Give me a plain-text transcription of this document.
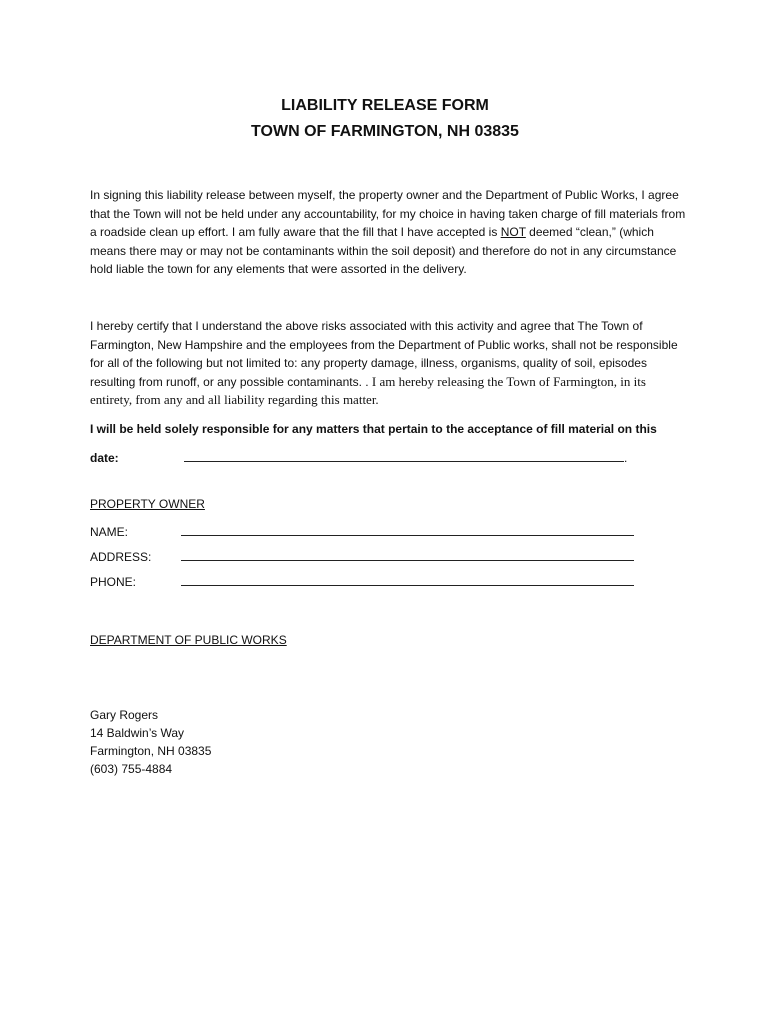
LIABILITY RELEASE FORM
TOWN OF FARMINGTON, NH 03835

In signing this liability release between myself, the property owner and the Department of Public Works, I agree that the Town will not be held under any accountability, for my choice in having taken charge of fill materials from a roadside clean up effort. I am fully aware that the fill that I have accepted is NOT deemed “clean,” (which means there may or may not be contaminants within the soil deposit) and therefore do not in any circumstance hold liable the town for any elements that were assorted in the delivery.

I hereby certify that I understand the above risks associated with this activity and agree that The Town of Farmington, New Hampshire and the employees from the Department of Public works, shall not be responsible for all of the following but not limited to: any property damage, illness, organisms, quality of soil, episodes resulting from runoff, or any possible contaminants. . I am hereby releasing the Town of Farmington, in its entirety, from any and all liability regarding this matter.

I will be held solely responsible for any matters that pertain to the acceptance of fill material on this

date:	.
PROPERTY OWNER
NAME:
ADDRESS:
PHONE:
DEPARTMENT OF PUBLIC WORKS
Gary Rogers
14 Baldwin’s Way
Farmington, NH 03835
(603) 755-4884
